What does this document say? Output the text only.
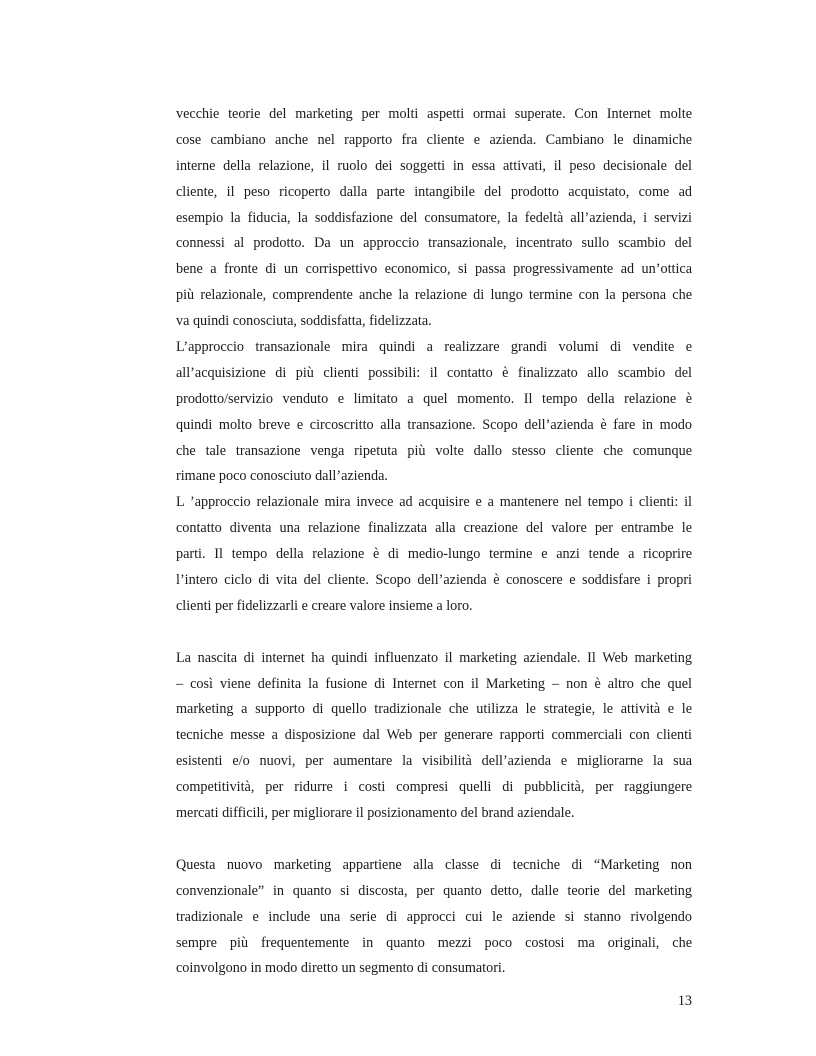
vecchie teorie del marketing per molti aspetti ormai superate. Con Internet molte
cose cambiano anche nel rapporto fra cliente e azienda. Cambiano le dinamiche
interne della relazione, il ruolo dei soggetti in essa attivati, il peso decisionale del
cliente, il peso ricoperto dalla parte intangibile del prodotto acquistato, come ad
esempio la fiducia, la soddisfazione del consumatore, la fedeltà all’azienda, i servizi
connessi al prodotto. Da un approccio transazionale, incentrato sullo scambio del
bene a fronte di un corrispettivo economico, si passa progressivamente ad un’ottica
più relazionale, comprendente anche la relazione di lungo termine con la persona che
va quindi conosciuta, soddisfatta, fidelizzata.
L’approccio transazionale mira quindi a realizzare grandi volumi di vendite e
all’acquisizione di più clienti possibili: il contatto è finalizzato allo scambio del
prodotto/servizio venduto e limitato a quel momento. Il tempo della relazione è
quindi molto breve e circoscritto alla transazione. Scopo dell’azienda è fare in modo
che tale transazione venga ripetuta più volte dallo stesso cliente che comunque
rimane poco conosciuto dall’azienda.
L ’approccio relazionale mira invece ad acquisire e a mantenere nel tempo i clienti: il
contatto diventa una relazione finalizzata alla creazione del valore per entrambe le
parti. Il tempo della relazione è di medio-lungo termine e anzi tende a ricoprire
l’intero ciclo di vita del cliente. Scopo dell’azienda è conoscere e soddisfare i propri
clienti per fidelizzarli e creare valore insieme a loro.
La nascita di internet ha quindi influenzato il marketing aziendale. Il Web marketing
– così viene definita la fusione di Internet con il Marketing – non è altro che quel
marketing a supporto di quello tradizionale che utilizza le strategie, le attività e le
tecniche messe a disposizione dal Web per generare rapporti commerciali con clienti
esistenti e/o nuovi, per aumentare la visibilità dell’azienda e migliorarne la sua
competitività, per ridurre i costi compresi quelli di pubblicità, per raggiungere
mercati difficili, per migliorare il posizionamento del brand aziendale.
Questa nuovo marketing appartiene alla classe di tecniche di “Marketing non
convenzionale” in quanto si discosta, per quanto detto, dalle teorie del marketing
tradizionale e include una serie di approcci cui le aziende si stanno rivolgendo
sempre più frequentemente in quanto mezzi poco costosi ma originali, che
coinvolgono in modo diretto un segmento di consumatori.
13
